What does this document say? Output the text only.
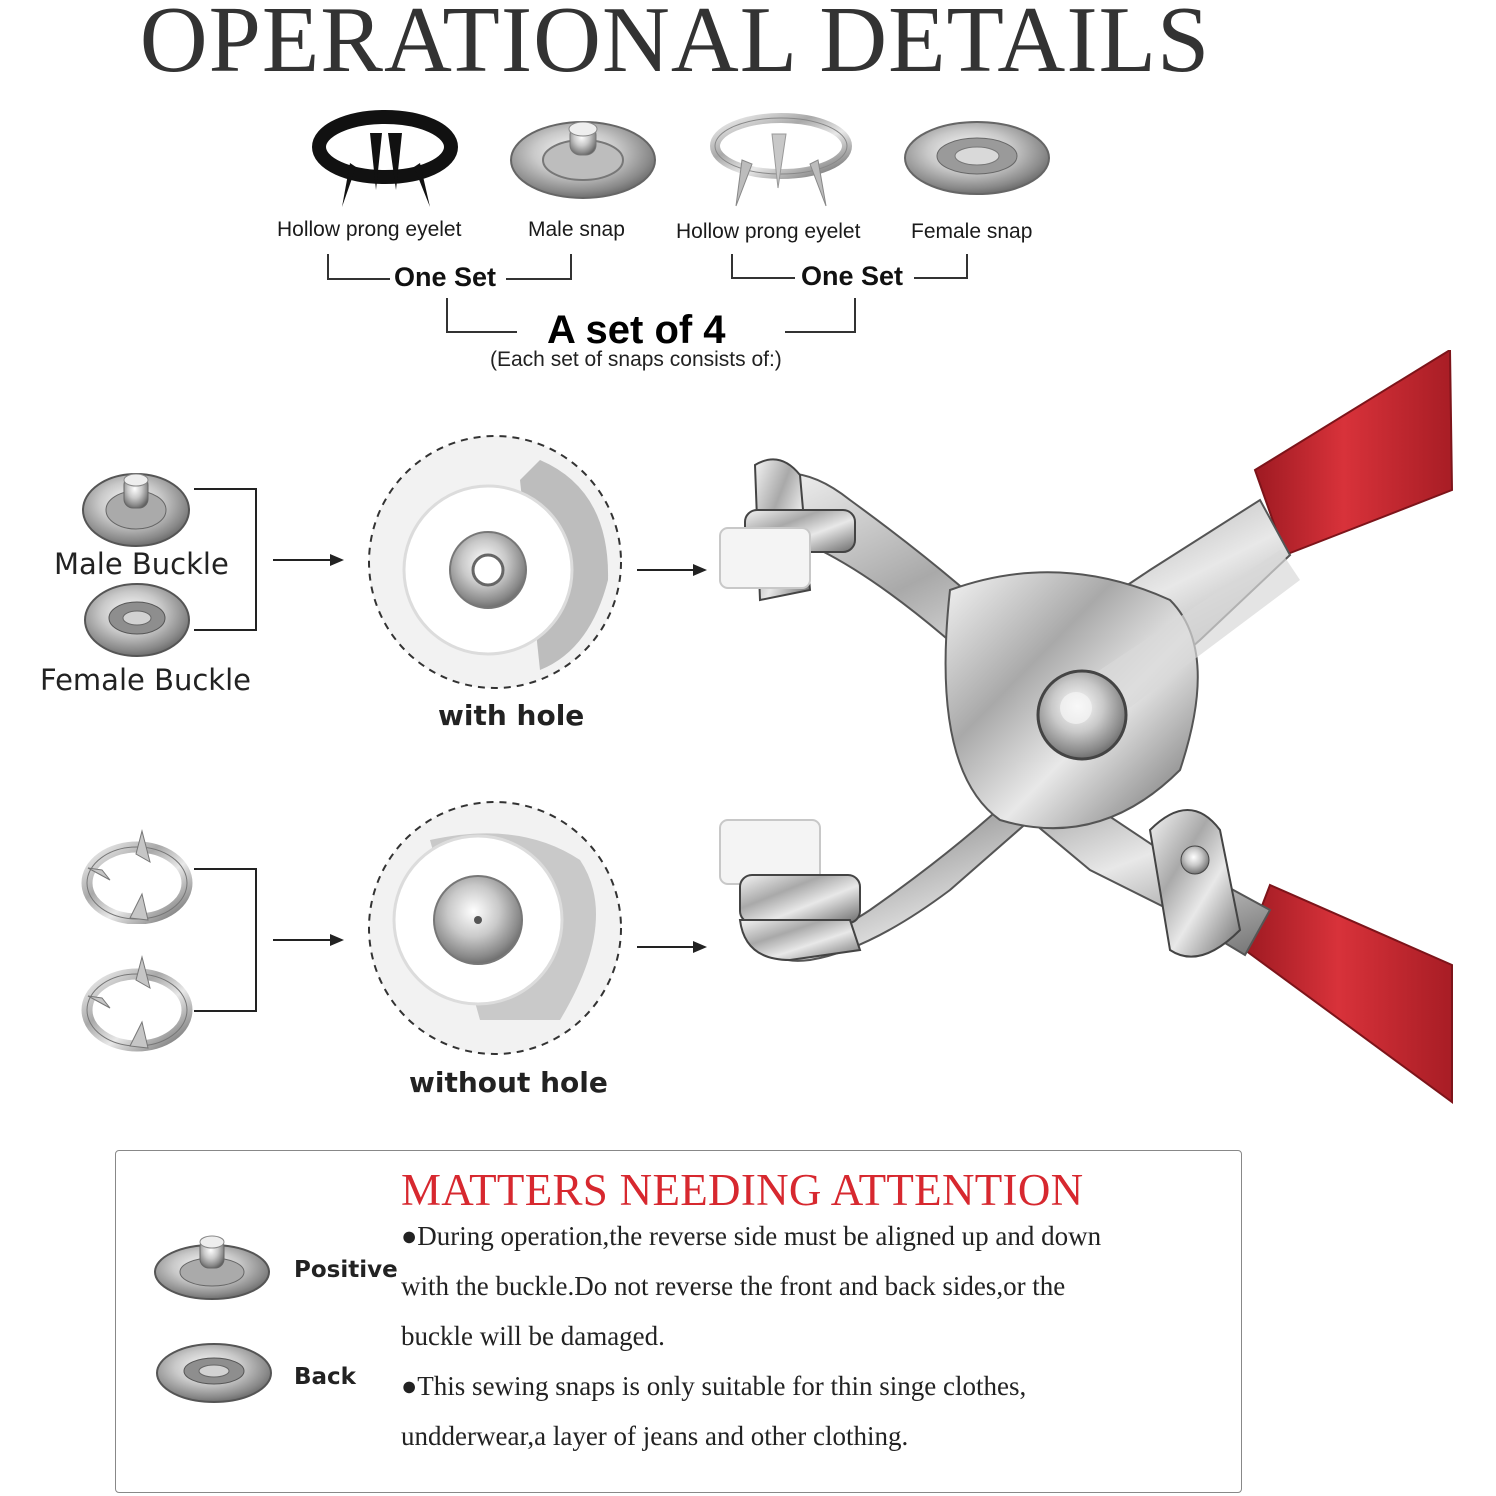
OPERATIONAL DETAILS
Hollow prong eyelet	Male snap Hollow prong eyelet Female snap
One Set	One Set
A set of 4
(Each set of snaps consists of:)
Male Buckle
Female Buckle
with hole
without hole
MATTERS NEEDING ATTENTION
Positive
Back
●During operation,the reverse side must be aligned up and down
with the buckle.Do not reverse the front and back sides,or the
buckle will be damaged.
●This sewing snaps is only suitable for thin singe clothes,
undderwear,a layer of jeans and other clothing.
